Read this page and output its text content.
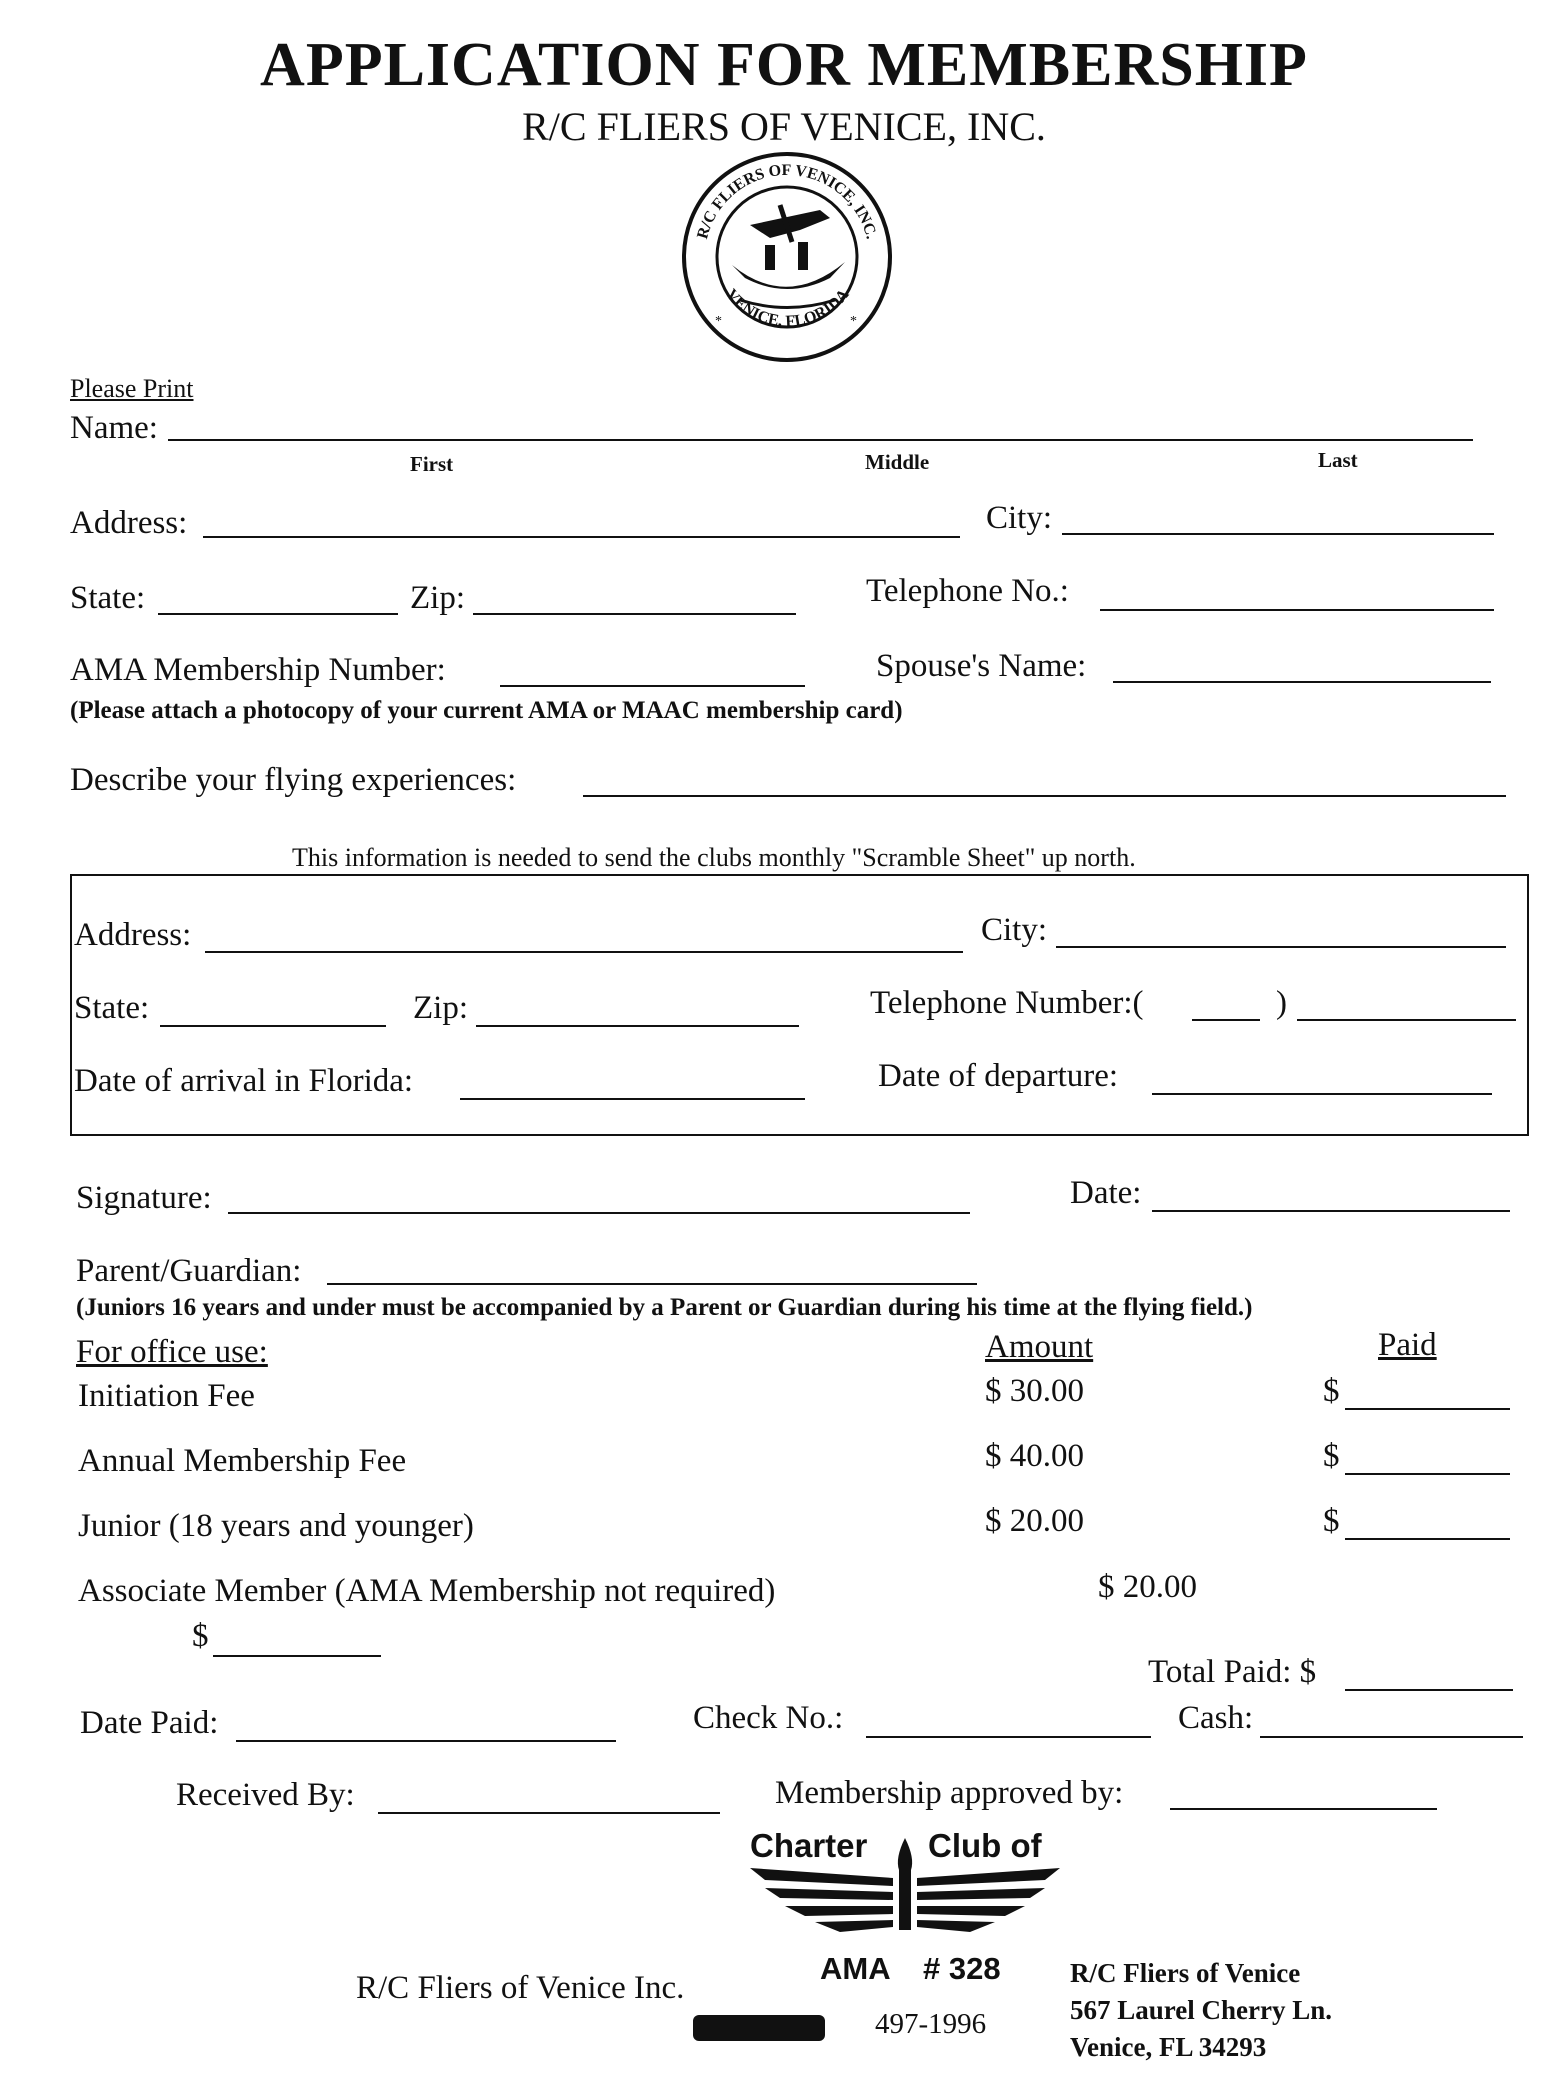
APPLICATION FOR MEMBERSHIP
R/C FLIERS OF VENICE, INC.
R/C FLIERS OF VENICE, INC.
VENICE, FLORIDA
*	*
Please Print
Name:
First	Middle	Last
Address:	City:
State:	Zip:	Telephone No.:
AMA Membership Number:	Spouse's Name:
(Please attach a photocopy of your current AMA or MAAC membership card)
Describe your flying experiences:
This information is needed to send the clubs monthly "Scramble Sheet" up north.
Address:	City:
State:	Zip:	Telephone Number:(	)
Date of arrival in Florida:	Date of departure:
Signature:	Date:
Parent/Guardian:
(Juniors 16 years and under must be accompanied by a Parent or Guardian during his time at the flying field.)
For office use:	Amount	Paid
Initiation Fee	$ 30.00	$
Annual Membership Fee	$ 40.00	$
Junior (18 years and younger)	$ 20.00	$
Associate Member (AMA Membership not required)	$ 20.00
$
Total Paid: $
Date Paid:	Check No.:	Cash:
Received By:	Membership approved by:
Charter Club of
AMA # 328
R/C Fliers of Venice Inc.
497-1996
R/C Fliers of Venice
567 Laurel Cherry Ln.
Venice, FL 34293
